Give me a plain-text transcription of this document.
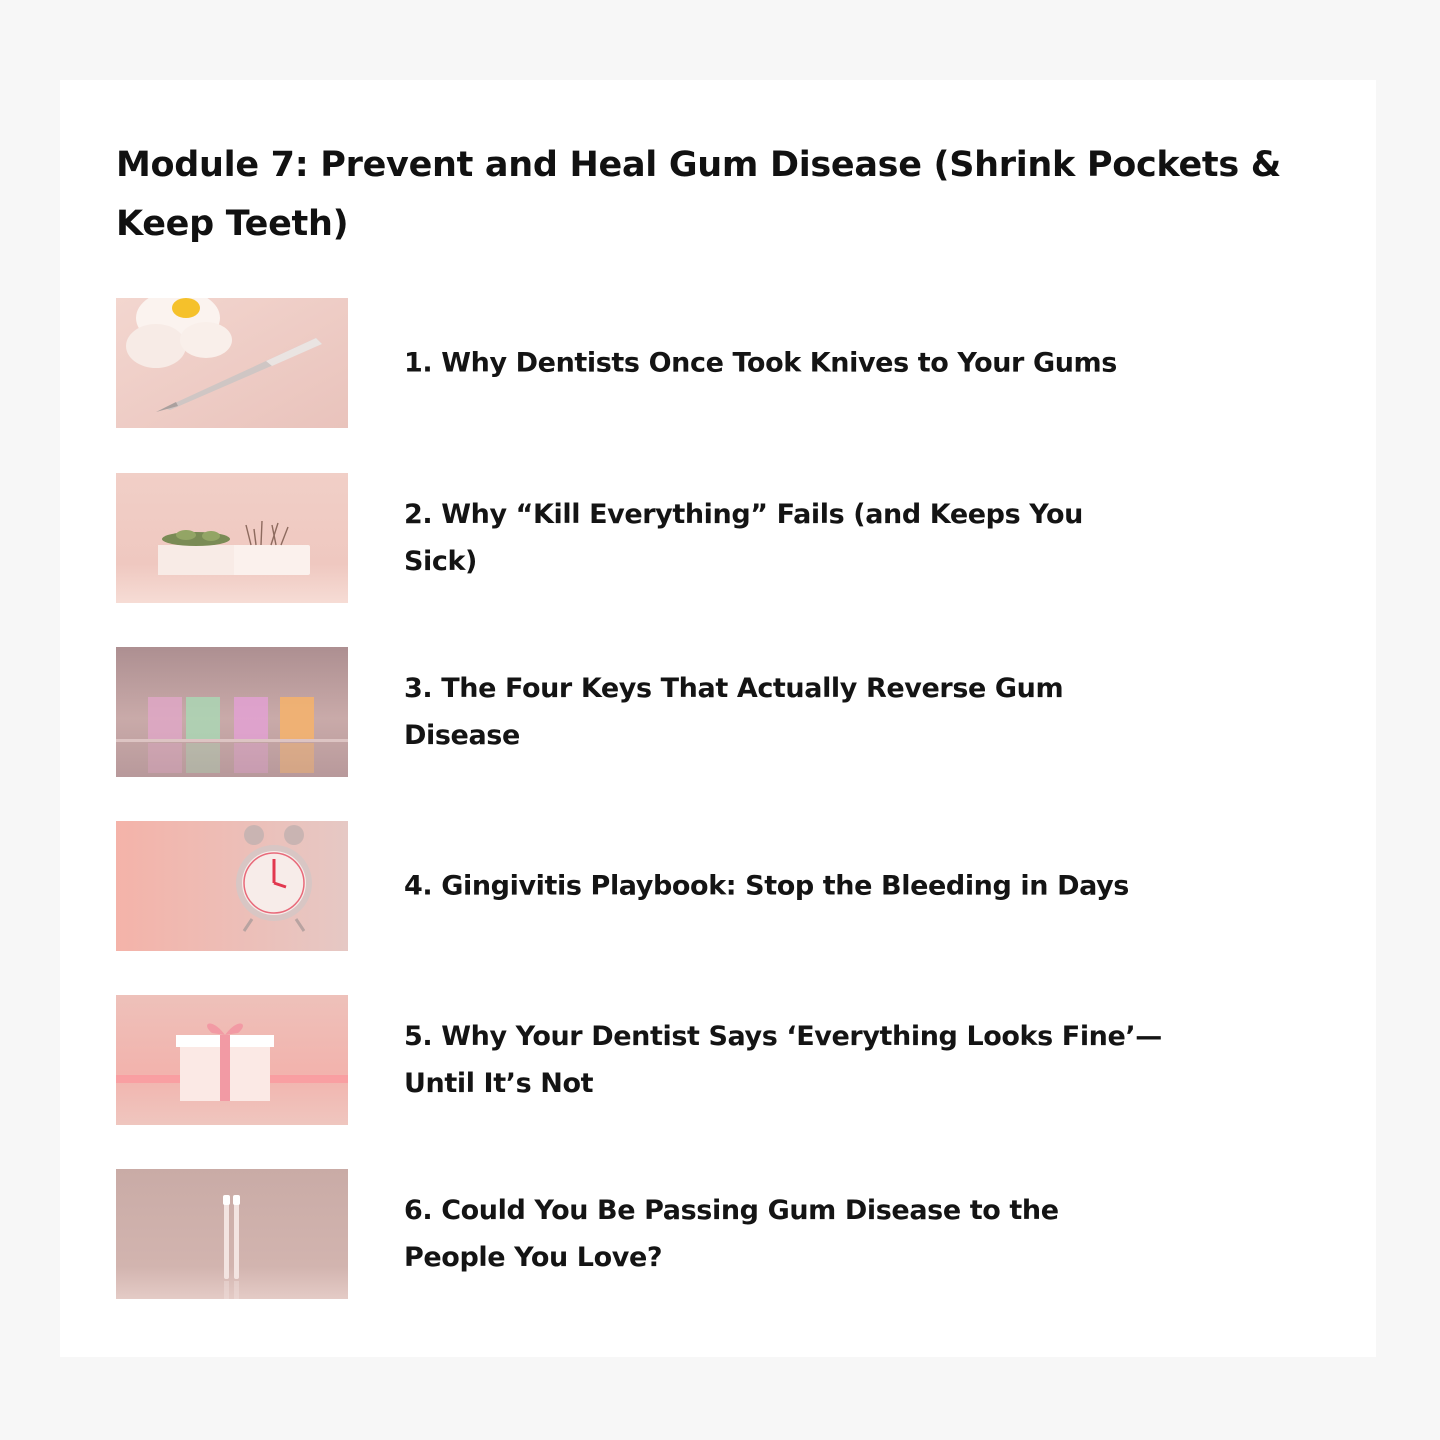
Module 7: Prevent and Heal Gum Disease (Shrink Pockets & Keep Teeth)
1. Why Dentists Once Took Knives to Your Gums
2. Why “Kill Everything” Fails (and Keeps You Sick)
3. The Four Keys That Actually Reverse Gum Disease
4. Gingivitis Playbook: Stop the Bleeding in Days
5. Why Your Dentist Says ‘Everything Looks Fine’—Until It’s Not
6. Could You Be Passing Gum Disease to the People You Love?
